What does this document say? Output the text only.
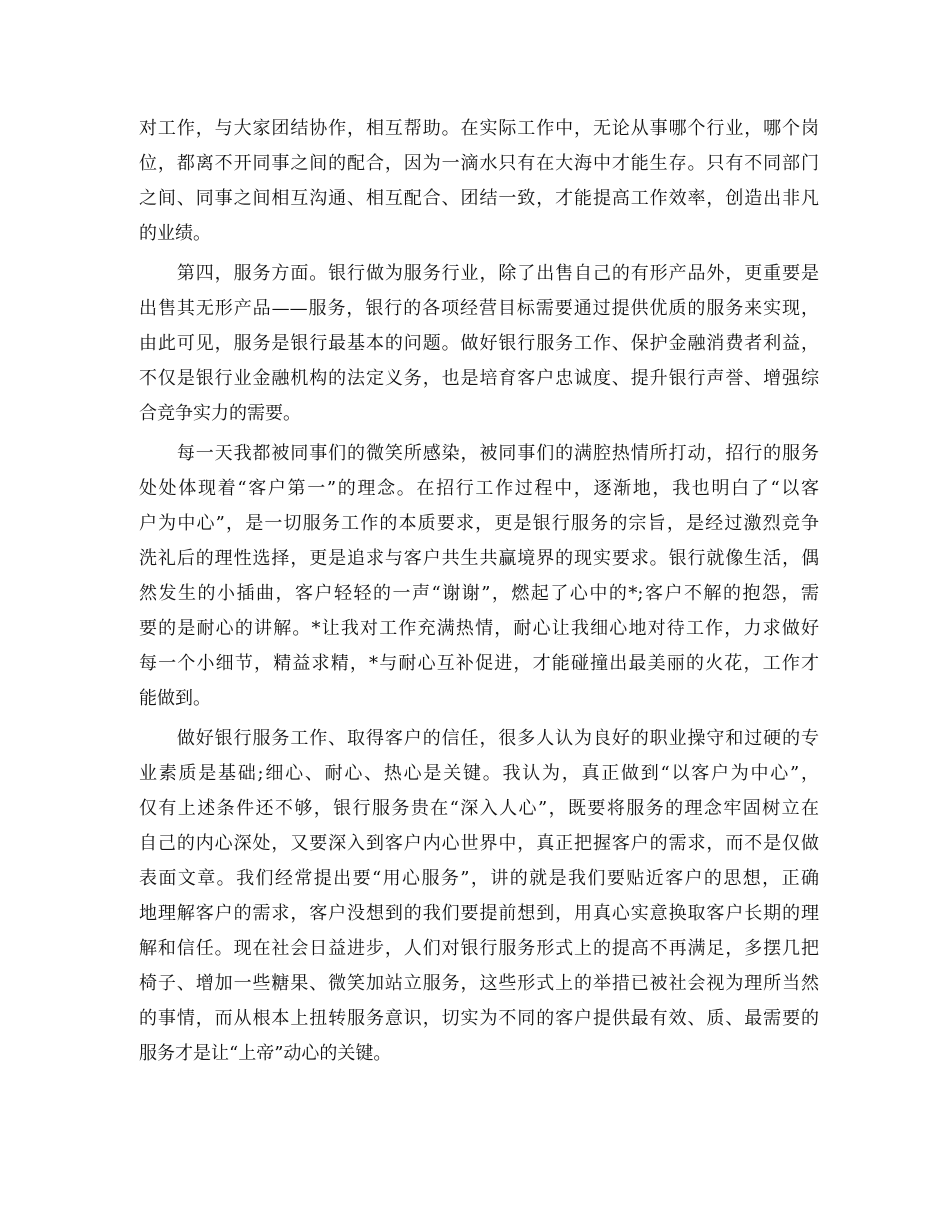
对工作，与大家团结协作，相互帮助。在实际工作中，无论从事哪个行业，哪个岗
位，都离不开同事之间的配合，因为一滴水只有在大海中才能生存。只有不同部门
之间、同事之间相互沟通、相互配合、团结一致，才能提高工作效率，创造出非凡
的业绩。

　　第四，服务方面。银行做为服务行业，除了出售自己的有形产品外，更重要是
出售其无形产品——服务，银行的各项经营目标需要通过提供优质的服务来实现，
由此可见，服务是银行最基本的问题。做好银行服务工作、保护金融消费者利益，
不仅是银行业金融机构的法定义务，也是培育客户忠诚度、提升银行声誉、增强综
合竞争实力的需要。

　　每一天我都被同事们的微笑所感染，被同事们的满腔热情所打动，招行的服务
处处体现着“客户第一”的理念。在招行工作过程中，逐渐地，我也明白了“以客
户为中心”，是一切服务工作的本质要求，更是银行服务的宗旨，是经过激烈竞争
洗礼后的理性选择，更是追求与客户共生共赢境界的现实要求。银行就像生活，偶
然发生的小插曲，客户轻轻的一声“谢谢”，燃起了心中的*;客户不解的抱怨，需
要的是耐心的讲解。*让我对工作充满热情，耐心让我细心地对待工作，力求做好
每一个小细节，精益求精，*与耐心互补促进，才能碰撞出最美丽的火花，工作才
能做到。

　　做好银行服务工作、取得客户的信任，很多人认为良好的职业操守和过硬的专
业素质是基础;细心、耐心、热心是关键。我认为，真正做到“以客户为中心”，
仅有上述条件还不够，银行服务贵在“深入人心”，既要将服务的理念牢固树立在
自己的内心深处，又要深入到客户内心世界中，真正把握客户的需求，而不是仅做
表面文章。我们经常提出要“用心服务”，讲的就是我们要贴近客户的思想，正确
地理解客户的需求，客户没想到的我们要提前想到，用真心实意换取客户长期的理
解和信任。现在社会日益进步，人们对银行服务形式上的提高不再满足，多摆几把
椅子、增加一些糖果、微笑加站立服务，这些形式上的举措已被社会视为理所当然
的事情，而从根本上扭转服务意识，切实为不同的客户提供最有效、质、最需要的
服务才是让“上帝”动心的关键。
